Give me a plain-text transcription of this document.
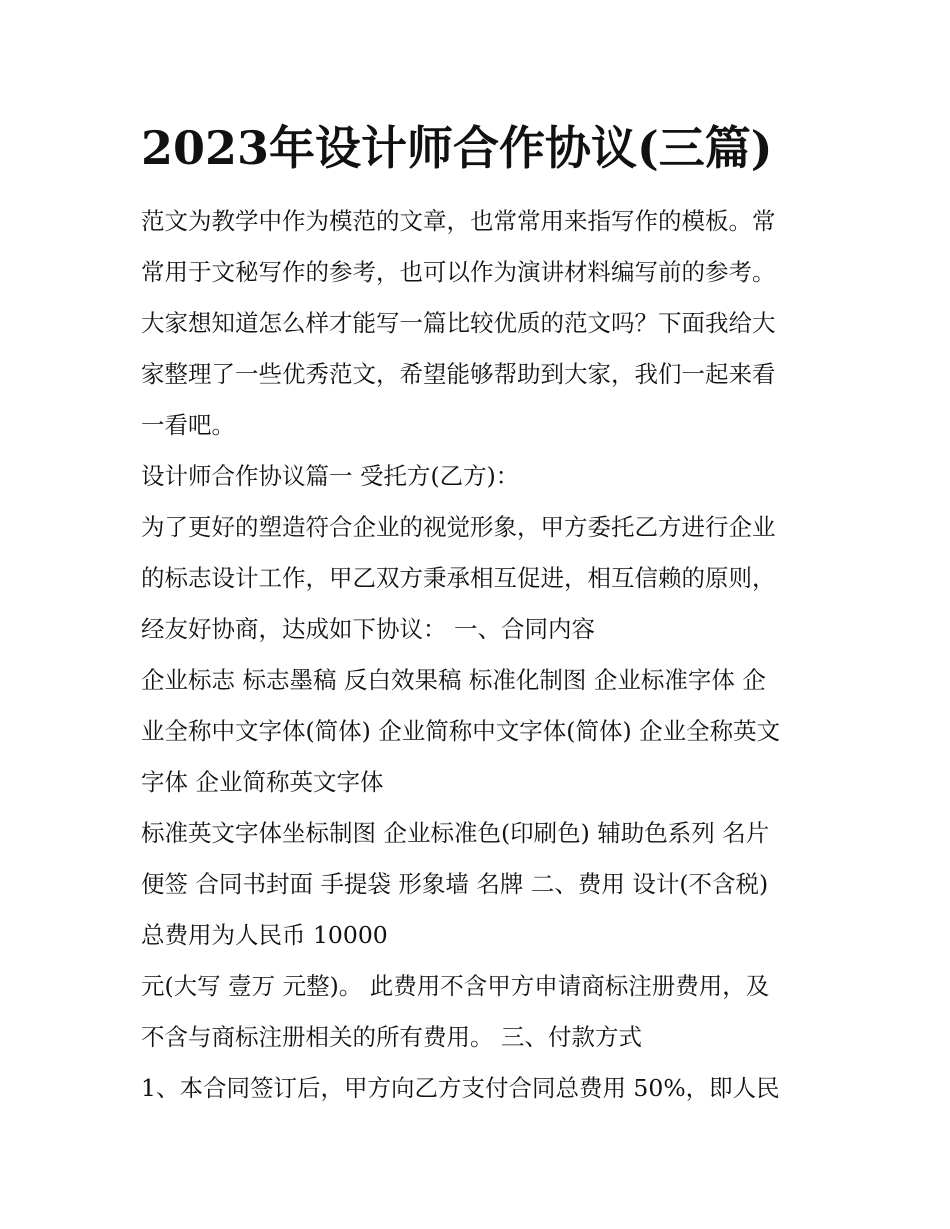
2023年设计师合作协议(三篇)

范文为教学中作为模范的文章，也常常用来指写作的模板。常

常用于文秘写作的参考，也可以作为演讲材料编写前的参考。

大家想知道怎么样才能写一篇比较优质的范文吗？下面我给大

家整理了一些优秀范文，希望能够帮助到大家，我们一起来看

一看吧。

设计师合作协议篇一 受托方(乙方)：

为了更好的塑造符合企业的视觉形象，甲方委托乙方进行企业

的标志设计工作，甲乙双方秉承相互促进，相互信赖的原则，

经友好协商，达成如下协议： 一、合同内容

企业标志 标志墨稿 反白效果稿 标准化制图 企业标准字体 企

业全称中文字体(简体) 企业简称中文字体(简体) 企业全称英文

字体 企业简称英文字体

标准英文字体坐标制图 企业标准色(印刷色) 辅助色系列 名片

便签 合同书封面 手提袋 形象墙 名牌 二、费用 设计(不含税)

总费用为人民币 10000

元(大写 壹万 元整)。 此费用不含甲方申请商标注册费用，及

不含与商标注册相关的所有费用。 三、付款方式

1、本合同签订后，甲方向乙方支付合同总费用 50%，即人民
